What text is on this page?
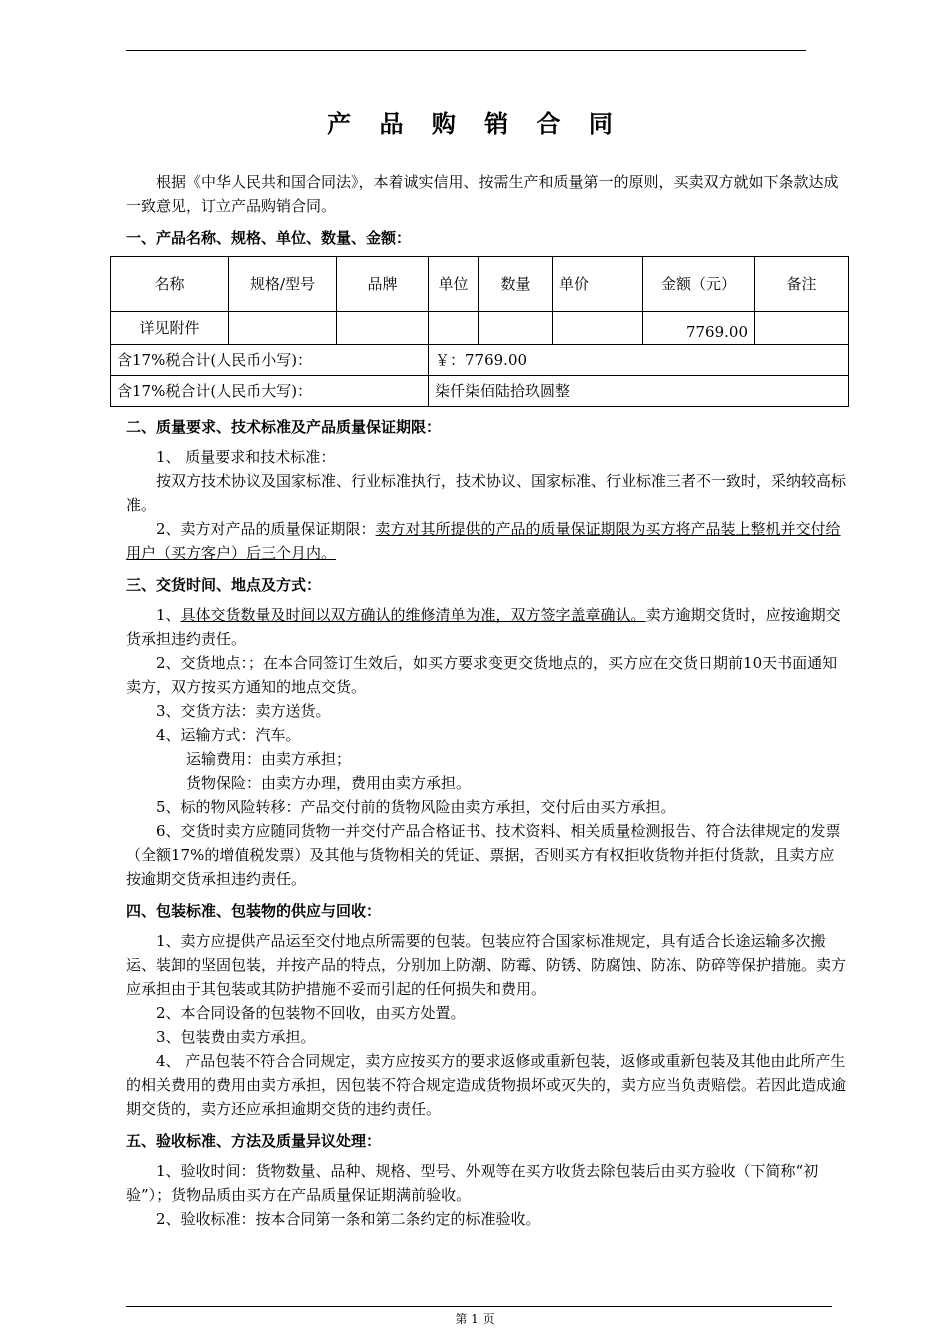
产 品 购 销 合 同

根据《中华人民共和国合同法》，本着诚实信用、按需生产和质量第一的原则，买卖双方就如下条款达成一致意见，订立产品购销合同。

一、产品名称、规格、单位、数量、金额：

名称	规格/型号	品牌	单位	数量	单价	金额（元）	备注
详见附件						7769.00	
含17%税合计(人民币小写)：			￥：7769.00				
含17%税合计(人民币大写)：			柒仟柒佰陆拾玖圆整				

二、质量要求、技术标准及产品质量保证期限：

1、 质量要求和技术标准：

按双方技术协议及国家标准、行业标准执行，技术协议、国家标准、行业标准三者不一致时，采纳较高标准。

2、卖方对产品的质量保证期限：卖方对其所提供的产品的质量保证期限为买方将产品装上整机并交付给用户（买方客户）后三个月内。

三、交货时间、地点及方式：

1、具体交货数量及时间以双方确认的维修清单为准，双方签字盖章确认。卖方逾期交货时，应按逾期交货承担违约责任。

2、交货地点：；在本合同签订生效后，如买方要求变更交货地点的，买方应在交货日期前10天书面通知卖方，双方按买方通知的地点交货。

3、交货方法：卖方送货。

4、运输方式：汽车。

运输费用：由卖方承担；

货物保险：由卖方办理，费用由卖方承担。

5、标的物风险转移：产品交付前的货物风险由卖方承担，交付后由买方承担。

6、交货时卖方应随同货物一并交付产品合格证书、技术资料、相关质量检测报告、符合法律规定的发票（全额17%的增值税发票）及其他与货物相关的凭证、票据，否则买方有权拒收货物并拒付货款，且卖方应按逾期交货承担违约责任。

四、包装标准、包装物的供应与回收：

1、卖方应提供产品运至交付地点所需要的包装。包装应符合国家标准规定，具有适合长途运输多次搬运、装卸的坚固包装，并按产品的特点，分别加上防潮、防霉、防锈、防腐蚀、防冻、防碎等保护措施。卖方应承担由于其包装或其防护措施不妥而引起的任何损失和费用。

2、本合同设备的包装物不回收，由买方处置。

3、包装费由卖方承担。

4、 产品包装不符合合同规定，卖方应按买方的要求返修或重新包装，返修或重新包装及其他由此所产生的相关费用的费用由卖方承担，因包装不符合规定造成货物损坏或灭失的，卖方应当负责赔偿。若因此造成逾期交货的，卖方还应承担逾期交货的违约责任。

五、验收标准、方法及质量异议处理：

1、验收时间：货物数量、品种、规格、型号、外观等在买方收货去除包装后由买方验收（下简称“初验”）；货物品质由买方在产品质量保证期满前验收。

2、验收标准：按本合同第一条和第二条约定的标准验收。

第 1 页
